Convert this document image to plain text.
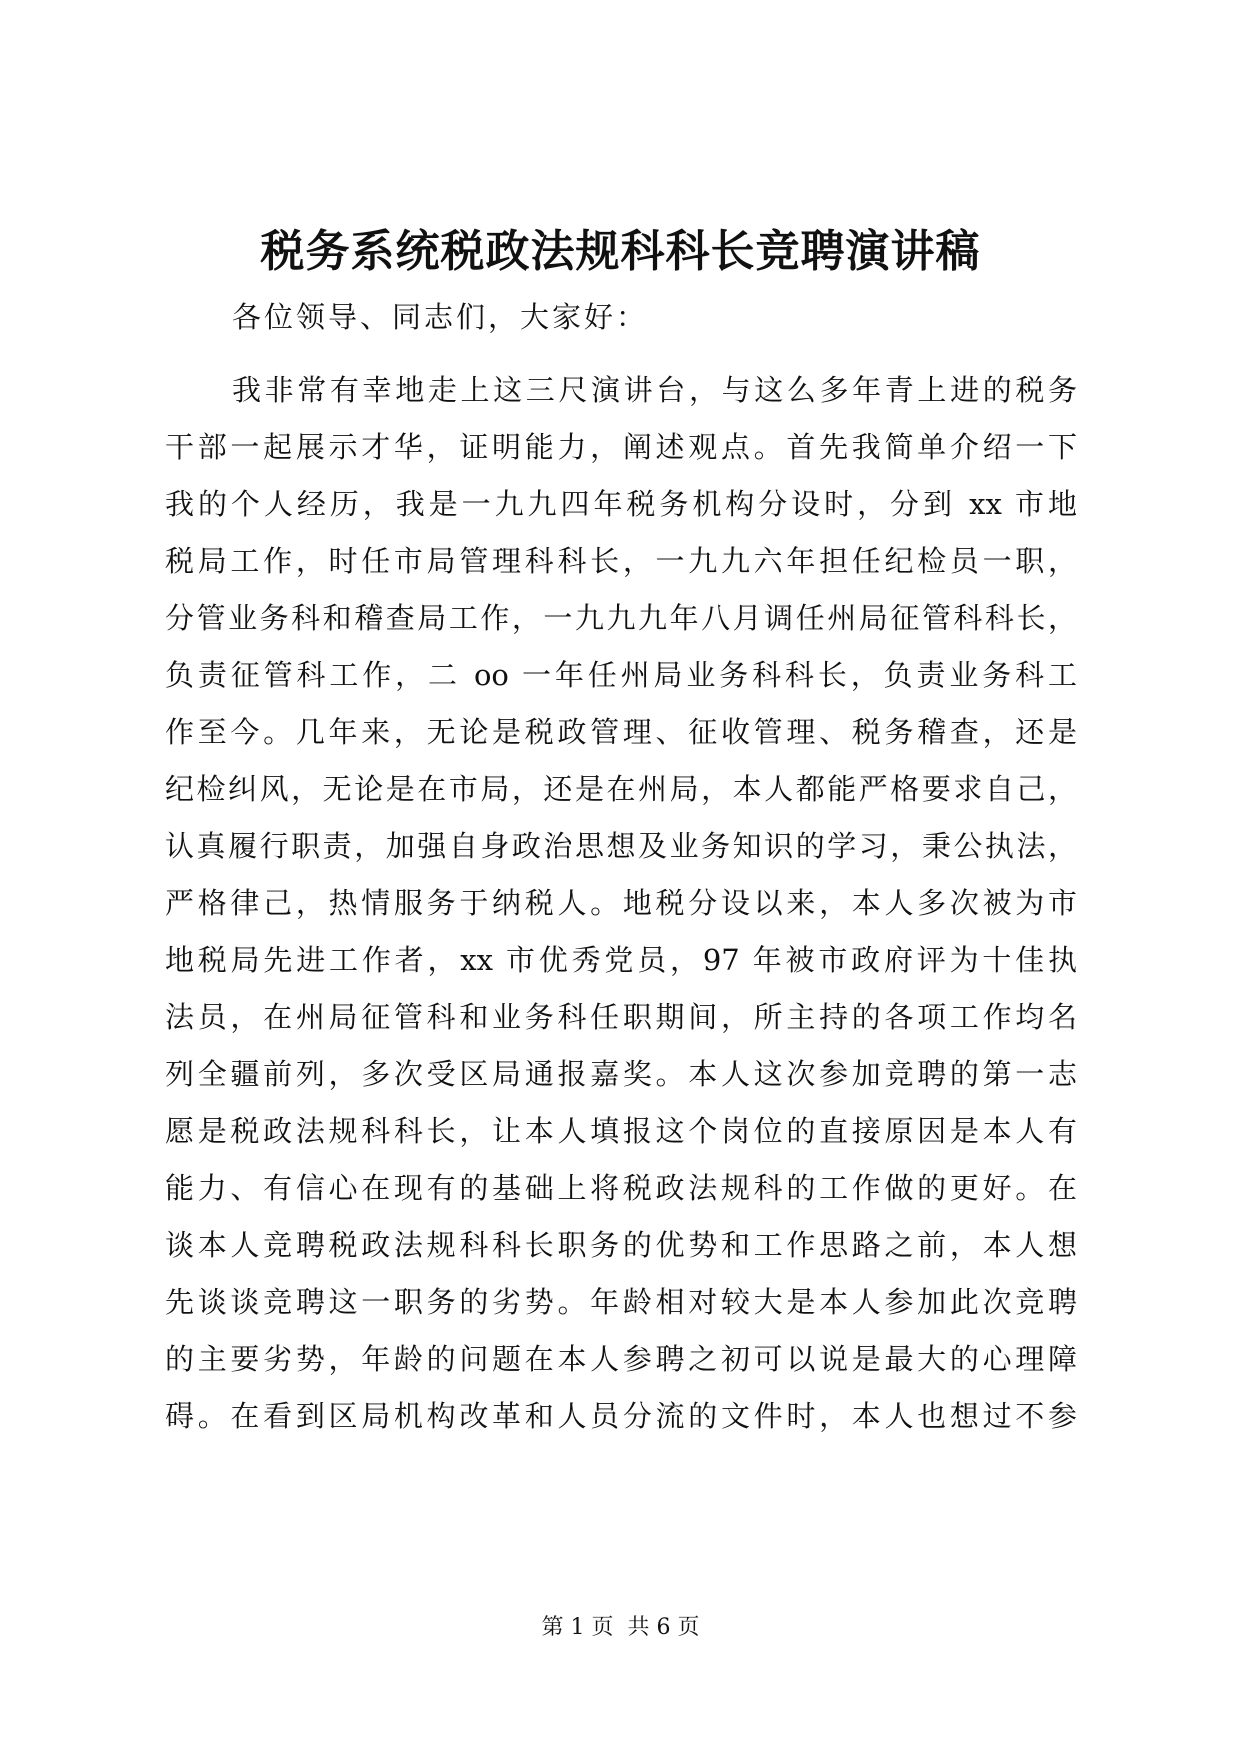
税务系统税政法规科科长竞聘演讲稿
各位领导、同志们，大家好：
我非常有幸地走上这三尺演讲台，与这么多年青上进的税务
干部一起展示才华，证明能力，阐述观点。首先我简单介绍一下
我的个人经历，我是一九九四年税务机构分设时，分到 xx 市地
税局工作，时任市局管理科科长，一九九六年担任纪检员一职，
分管业务科和稽查局工作，一九九九年八月调任州局征管科科长，
负责征管科工作，二 oo 一年任州局业务科科长，负责业务科工
作至今。几年来，无论是税政管理、征收管理、税务稽查，还是
纪检纠风，无论是在市局，还是在州局，本人都能严格要求自己，
认真履行职责，加强自身政治思想及业务知识的学习，秉公执法，
严格律己，热情服务于纳税人。地税分设以来，本人多次被为市
地税局先进工作者，xx 市优秀党员，97 年被市政府评为十佳执
法员，在州局征管科和业务科任职期间，所主持的各项工作均名
列全疆前列，多次受区局通报嘉奖。本人这次参加竞聘的第一志
愿是税政法规科科长，让本人填报这个岗位的直接原因是本人有
能力、有信心在现有的基础上将税政法规科的工作做的更好。在
谈本人竞聘税政法规科科长职务的优势和工作思路之前，本人想
先谈谈竞聘这一职务的劣势。年龄相对较大是本人参加此次竞聘
的主要劣势，年龄的问题在本人参聘之初可以说是最大的心理障
碍。在看到区局机构改革和人员分流的文件时，本人也想过不参
第 1 页  共 6 页
